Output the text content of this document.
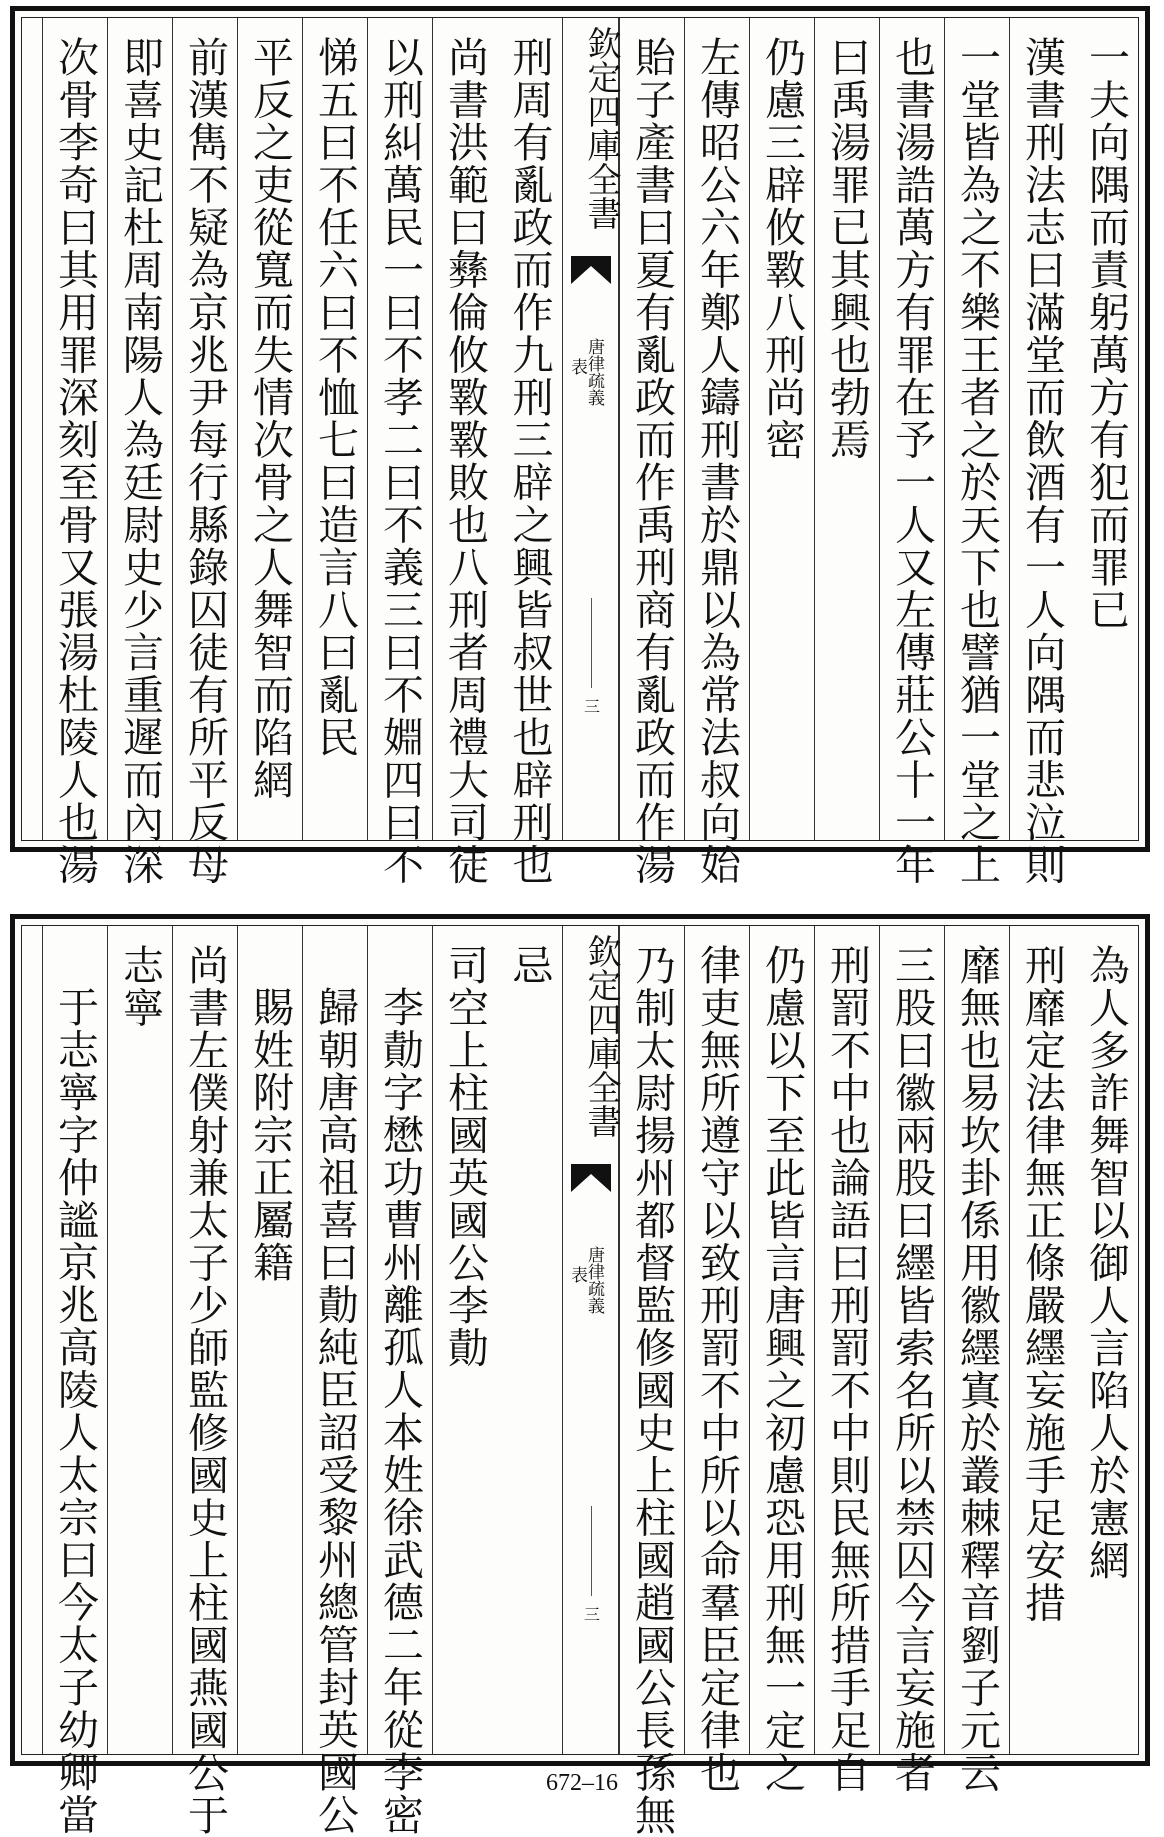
一夫向隅而責躬萬方有犯而罪已
漢書刑法志曰滿堂而飲酒有一人向隅而悲泣則
一堂皆為之不樂王者之於天下也譬猶一堂之上
也書湯誥萬方有罪在予一人又左傳莊公十一年
曰禹湯罪已其興也勃焉
仍慮三辟攸斁八刑尚密
左傳昭公六年鄭人鑄刑書於鼎以為常法叔向始
貽子產書曰夏有亂政而作禹刑商有亂政而作湯
欽定四庫全書
唐律疏義
表
三
刑周有亂政而作九刑三辟之興皆叔世也辟刑也
尚書洪範曰彝倫攸斁斁敗也八刑者周禮大司徒
以刑糾萬民一曰不孝二曰不義三曰不婣四曰不
悌五曰不任六曰不恤七曰造言八曰亂民
平反之吏從寬而失情次骨之人舞智而陷網
前漢雋不疑為京兆尹每行縣錄囚徒有所平反母
即喜史記杜周南陽人為廷尉史少言重遲而內深
次骨李奇曰其用罪深刻至骨又張湯杜陵人也湯
為人多詐舞智以御人言陷人於憲網
刑靡定法律無正條嚴纆妄施手足安措
靡無也易坎卦係用徽纆寘於叢棘釋音劉子元云
三股曰徽兩股曰纆皆索名所以禁囚今言妄施者
刑罰不中也論語曰刑罰不中則民無所措手足自
仍慮以下至此皆言唐興之初慮恐用刑無一定之
律吏無所遵守以致刑罰不中所以命羣臣定律也
乃制太尉揚州都督監修國史上柱國趙國公長孫無
欽定四庫全書
唐律疏義
表
三
忌
司空上柱國英國公李勣
李勣字懋功曹州離孤人本姓徐武德二年從李密
歸朝唐高祖喜曰勣純臣詔受黎州總管封英國公
賜姓附宗正屬籍
尚書左僕射兼太子少師監修國史上柱國燕國公于
志寧
于志寧字仲謐京兆高陵人太宗曰今太子幼卿當	672–16
